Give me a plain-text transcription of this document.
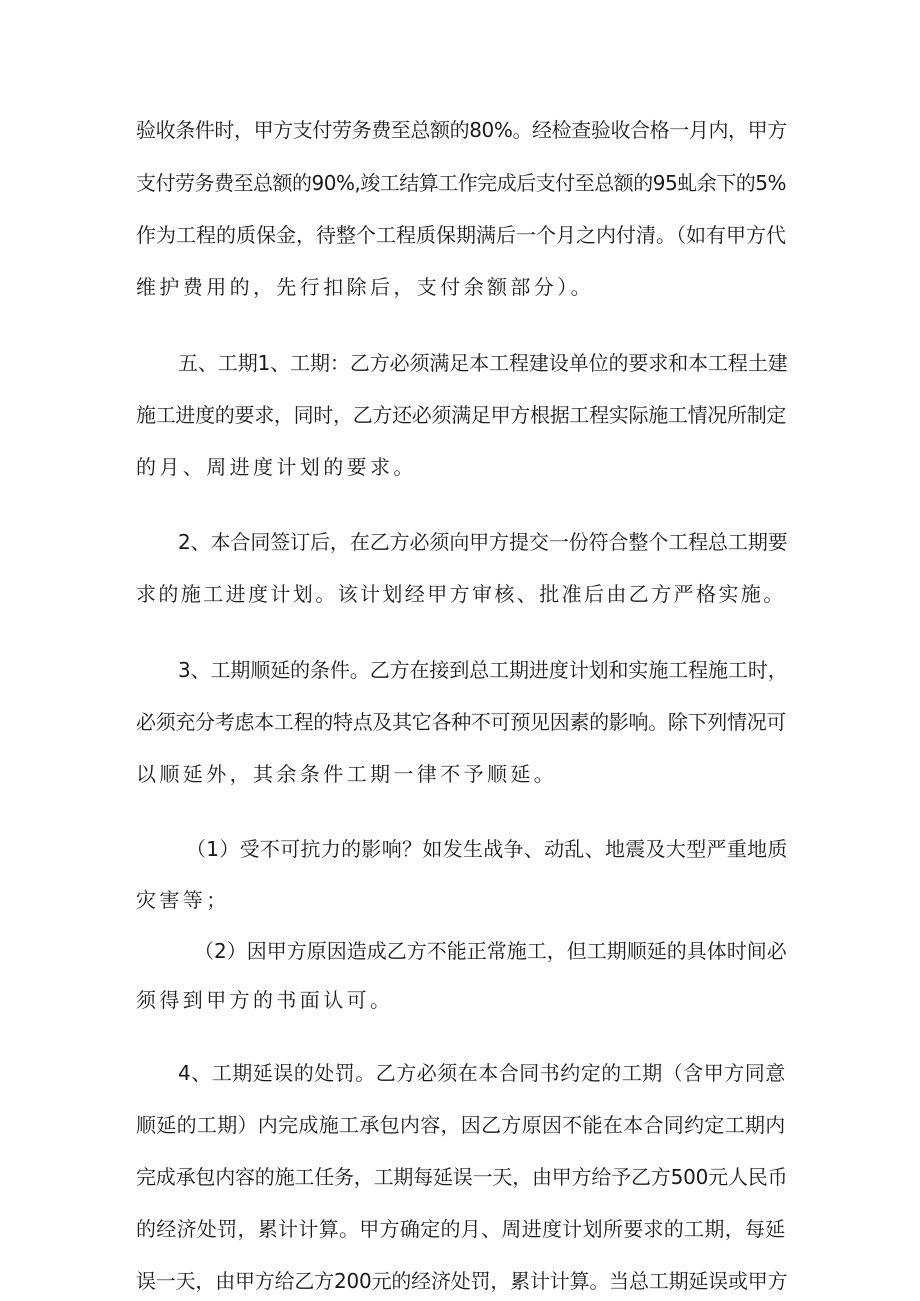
验收条件时，甲方支付劳务费至总额的80%。经检查验收合格一月内，甲方
支付劳务费至总额的90%,竣工结算工作完成后支付至总额的95虬余下的5%
作为工程的质保金，待整个工程质保期满后一个月之内付清。（如有甲方代
维护费用的，先行扣除后，支付余额部分）。
五、工期1、工期：乙方必须满足本工程建设单位的要求和本工程土建
施工进度的要求，同时，乙方还必须满足甲方根据工程实际施工情况所制定
的月、周进度计划的要求。
2、本合同签订后，在乙方必须向甲方提交一份符合整个工程总工期要
求的施工进度计划。该计划经甲方审核、批准后由乙方严格实施。
3、工期顺延的条件。乙方在接到总工期进度计划和实施工程施工时，
必须充分考虑本工程的特点及其它各种不可预见因素的影响。除下列情况可
以顺延外，其余条件工期一律不予顺延。
（1）受不可抗力的影响？如发生战争、动乱、地震及大型严重地质
灾害等；
（2）因甲方原因造成乙方不能正常施工，但工期顺延的具体时间必
须得到甲方的书面认可。
4、工期延误的处罚。乙方必须在本合同书约定的工期（含甲方同意
顺延的工期）内完成施工承包内容，因乙方原因不能在本合同约定工期内
完成承包内容的施工任务，工期每延误一天，由甲方给予乙方500元人民币
的经济处罚，累计计算。甲方确定的月、周进度计划所要求的工期，每延
误一天，由甲方给乙方200元的经济处罚，累计计算。当总工期延误或甲方
